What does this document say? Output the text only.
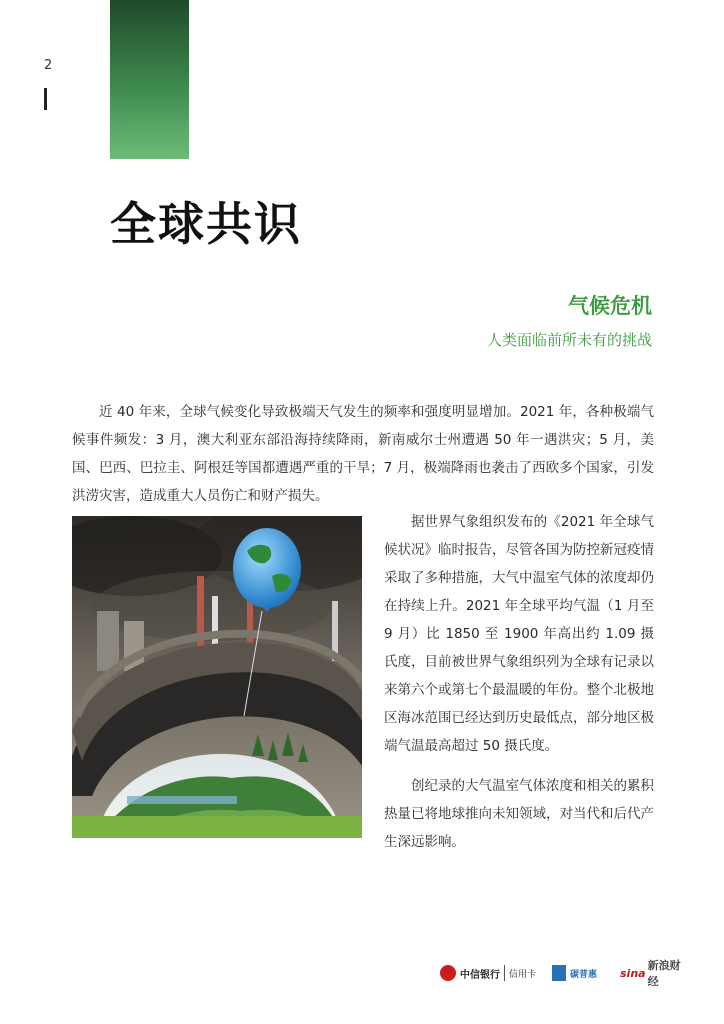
2
全球共识
气候危机
人类面临前所未有的挑战

近 40 年来，全球气候变化导致极端天气发生的频率和强度明显增加。2021 年，各种极端气候事件频发：3 月，澳大利亚东部沿海持续降雨，新南威尔士州遭遇 50 年一遇洪灾；5 月，美国、巴西、巴拉圭、阿根廷等国都遭遇严重的干旱；7 月，极端降雨也袭击了西欧多个国家，引发洪涝灾害，造成重大人员伤亡和财产损失。

据世界气象组织发布的《2021 年全球气候状况》临时报告，尽管各国为防控新冠疫情采取了多种措施，大气中温室气体的浓度却仍在持续上升。2021 年全球平均气温（1 月至 9 月）比 1850 至 1900 年高出约 1.09 摄氏度，目前被世界气象组织列为全球有记录以来第六个或第七个最温暖的年份。整个北极地区海冰范围已经达到历史最低点，部分地区极端气温最高超过 50 摄氏度。

创纪录的大气温室气体浓度和相关的累积热量已将地球推向未知领域，对当代和后代产生深远影响。

中信银行 信用卡	碳普惠 sina
新浪财经
